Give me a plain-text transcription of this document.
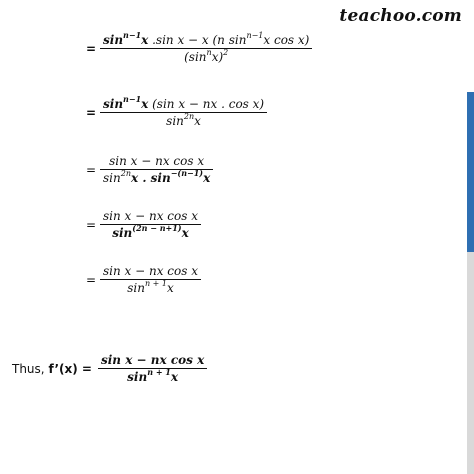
teachoo.com
= $\frac{\sin^{n-1}x .\sin x - x (n \sin^{n-1}x \cos x)}{(\sin^nx)^2}$
= $\frac{\sin^{n-1}x (\sin x - nx . \cos x)}{\sin^{2n}x}$
= $\frac{\text{sin x − nx cos x}}{\sin^{2n}x . \sin^{-(n-1)}x}$
= $\frac{\text{sin x − nx cos x}}{\sin^{(2n - n+1)}x}$
= $\frac{\text{sin x − nx cos x}}{\sin^{n + 1}x}$
Thus, f’(x) = $\frac{\text{sin x − nx cos x}}{\sin^{n + 1}x}$
